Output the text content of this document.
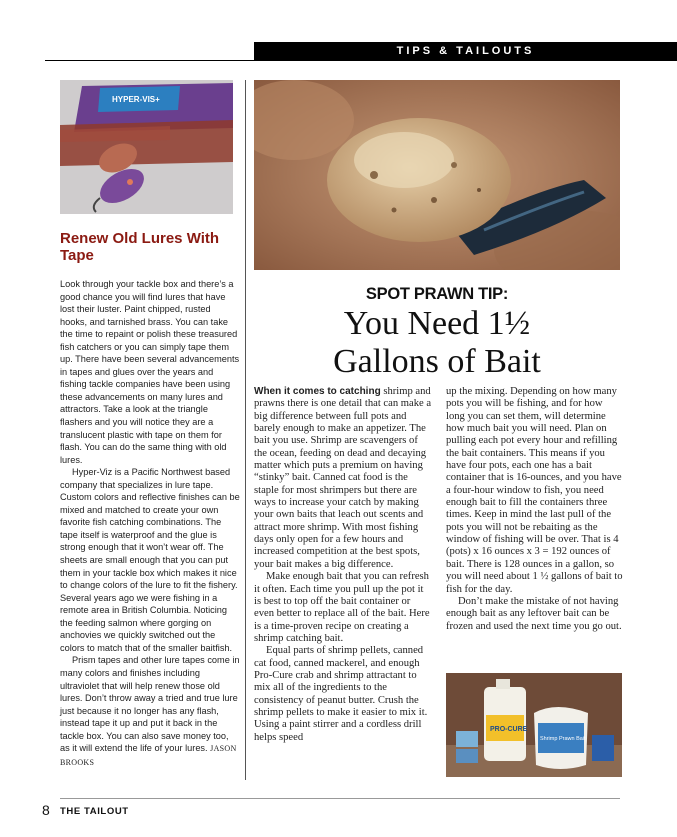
TIPS & TAILOUTS
HYPER-VIS+
Renew Old Lures With Tape

Look through your tackle box and there’s a good chance you will find lures that have lost their luster. Paint chipped, rusted hooks, and tarnished brass. You can take the time to repaint or polish these treasured fish catchers or you can simply tape them up. There have been several advancements in tapes and glues over the years and fishing tackle companies have been using these advancements on many lures and attractors. Take a look at the triangle flashers and you will notice they are a translucent plastic with tape on them for flash. You can do the same thing with old lures.

Hyper-Viz is a Pacific Northwest based company that specializes in lure tape. Custom colors and reflective finishes can be mixed and matched to create your own favorite fish catching combinations. The tape itself is waterproof and the glue is strong enough that it won’t wear off. The sheets are small enough that you can put them in your tackle box which makes it nice to change colors of the lure to fit the fishery. Several years ago we were fishing in a remote area in British Columbia. Noticing the feeding salmon where gorging on anchovies we quickly switched out the colors to match that of the smaller baitfish.

Prism tapes and other lure tapes come in many colors and finishes including ultraviolet that will help renew those old lures. Don’t throw away a tried and true lure just because it no longer has any flash, instead tape it up and put it back in the tackle box. You can also save money too, as it will extend the life of your lures. JASON BROOKS

SPOT PRAWN TIP:
You Need 1½
Gallons of Bait

When it comes to catching shrimp and prawns there is one detail that can make a big difference between full pots and barely enough to make an appetizer. The bait you use. Shrimp are scavengers of the ocean, feeding on dead and decaying matter which puts a premium on having “stinky” bait. Canned cat food is the staple for most shrimpers but there are ways to increase your catch by making your own baits that leach out scents and attract more shrimp. With most fishing days only open for a few hours and increased competition at the best spots, your bait makes a big difference.

Make enough bait that you can refresh it often. Each time you pull up the pot it is best to top off the bait container or even better to replace all of the bait. Here is a time-proven recipe on creating a shrimp catching bait.

Equal parts of shrimp pellets, canned cat food, canned mackerel, and enough Pro-Cure crab and shrimp attractant to mix all of the ingredients to the consistency of peanut butter. Crush the shrimp pellets to make it easier to mix it. Using a paint stirrer and a cordless drill helps speed

up the mixing. Depending on how many pots you will be fishing, and for how long you can set them, will determine how much bait you will need. Plan on pulling each pot every hour and refilling the bait containers. This means if you have four pots, each one has a bait container that is 16-ounces, and you have a four-hour window to fish, you need enough bait to fill the containers three times. Keep in mind the last pull of the pots you will not be rebaiting as the window of fishing will be over. That is 4 (pots) x 16 ounces x 3 = 192 ounces of bait. There is 128 ounces in a gallon, so you will need about 1 ½ gallons of bait to fish for the day.

Don’t make the mistake of not having enough bait as any leftover bait can be frozen and used the next time you go out.

PRO-CURE
Shrimp Prawn Bait
8 THE TAILOUT
